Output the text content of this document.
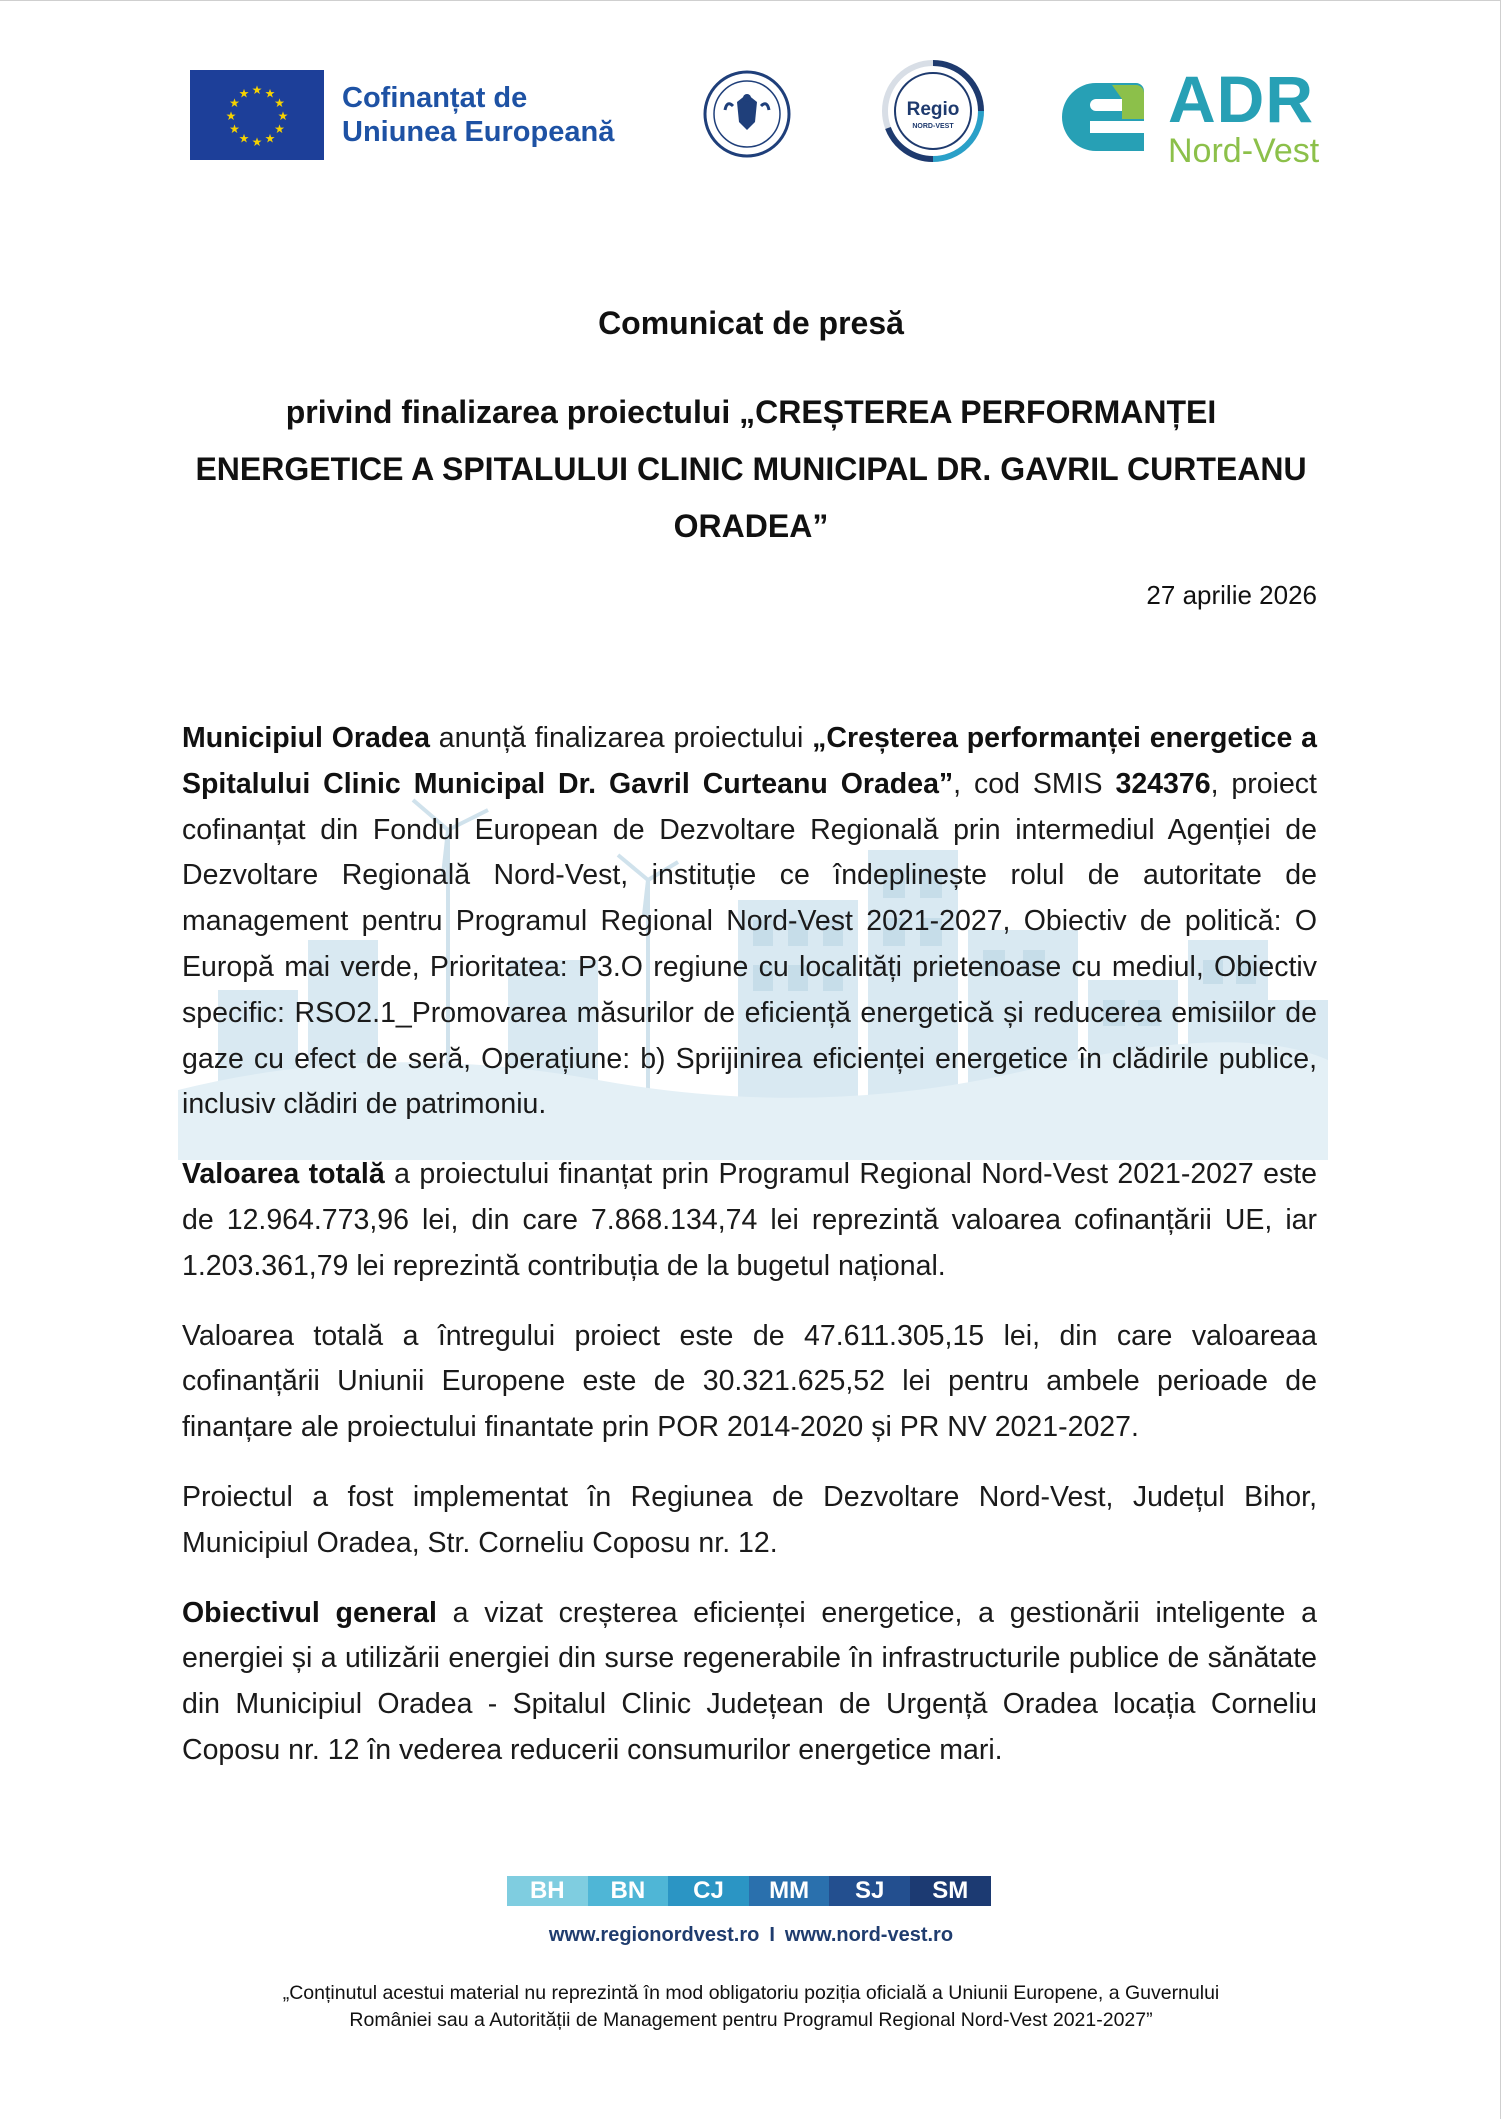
★ ★
★
★
★
★
★
★
★
★
★
★	Cofinanțat de
Uniunea Europeană
Regio
NORD-VEST	ADR
Nord-Vest
Comunicat de presă
privind finalizarea proiectului „CREȘTEREA PERFORMANȚEI ENERGETICE A SPITALULUI CLINIC MUNICIPAL DR. GAVRIL CURTEANU ORADEA”
27 aprilie 2026

Municipiul Oradea anunță finalizarea proiectului „Creșterea performanței energetice a Spitalului Clinic Municipal Dr. Gavril Curteanu Oradea”, cod SMIS 324376, proiect cofinanțat din Fondul European de Dezvoltare Regională prin intermediul Agenției de Dezvoltare Regională Nord-Vest, instituție ce îndeplinește rolul de autoritate de management pentru Programul Regional Nord-Vest 2021-2027, Obiectiv de politică: O Europă mai verde, Prioritatea: P3.O regiune cu localități prietenoase cu mediul, Obiectiv specific: RSO2.1_Promovarea măsurilor de eficiență energetică și reducerea emisiilor de gaze cu efect de seră, Operațiune: b) Sprijinirea eficienței energetice în clădirile publice, inclusiv clădiri de patrimoniu.

Valoarea totală a proiectului finanțat prin Programul Regional Nord-Vest 2021-2027 este de 12.964.773,96 lei, din care 7.868.134,74 lei reprezintă valoarea cofinanțării UE, iar 1.203.361,79 lei reprezintă contribuția de la bugetul național.

Valoarea totală a întregului proiect este de 47.611.305,15 lei, din care valoareaa cofinanțării Uniunii Europene este de 30.321.625,52 lei pentru ambele perioade de finanțare ale proiectului finantate prin POR 2014-2020 și PR NV 2021-2027.

Proiectul a fost implementat în Regiunea de Dezvoltare Nord-Vest, Județul Bihor, Municipiul Oradea, Str. Corneliu Coposu nr. 12.

Obiectivul general a vizat creșterea eficienței energetice, a gestionării inteligente a energiei și a utilizării energiei din surse regenerabile în infrastructurile publice de sănătate din Municipiul Oradea - Spitalul Clinic Județean de Urgență Oradea locația Corneliu Coposu nr. 12 în vederea reducerii consumurilor energetice mari.

BH BN CJ MM SJ SM
www.regionordvest.ro I www.nord-vest.ro
„Conținutul acestui material nu reprezintă în mod obligatoriu poziția oficială a Uniunii Europene, a Guvernului
României sau a Autorității de Management pentru Programul Regional Nord-Vest 2021-2027”
